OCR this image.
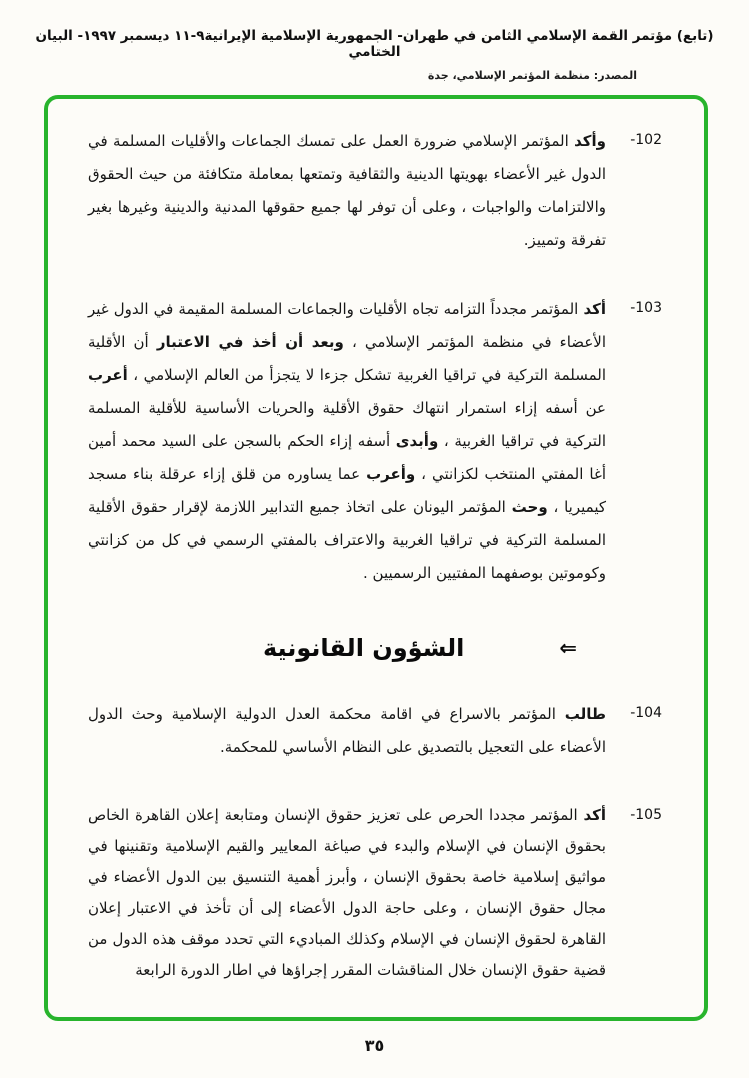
(تابع) مؤتمر القمة الإسلامي الثامن في طهران- الجمهورية الإسلامية الإيرانية٩-١١ ديسمبر ١٩٩٧- البيان الختامي
المصدر: منظمة المؤتمر الإسلامي، جدة
-102
وأكد المؤتمر الإسلامي ضرورة العمل على تمسك الجماعات والأقليات المسلمة في الدول غير الأعضاء بهويتها الدينية والثقافية وتمتعها بمعاملة متكافئة من حيث الحقوق والالتزامات والواجبات ، وعلى أن توفر لها جميع حقوقها المدنية والدينية وغيرها بغير تفرقة وتمييز.
-103
أكد المؤتمر مجدداً التزامه تجاه الأقليات والجماعات المسلمة المقيمة في الدول غير الأعضاء في منظمة المؤتمر الإسلامي ، وبعد أن أخذ في الاعتبار أن الأقلية المسلمة التركية في تراقيا الغربية تشكل جزءا لا يتجزأ من العالم الإسلامي ، أعرب عن أسفه إزاء استمرار انتهاك حقوق الأقلية والحريات الأساسية للأقلية المسلمة التركية في تراقيا الغربية ، وأبدى أسفه إزاء الحكم بالسجن على السيد محمد أمين أغا المفتي المنتخب لكزانتي ، وأعرب عما يساوره من قلق إزاء عرقلة بناء مسجد كيميريا ، وحث المؤتمر اليونان على اتخاذ جميع التدابير اللازمة لإقرار حقوق الأقلية المسلمة التركية في تراقيا الغربية والاعتراف بالمفتي الرسمي في كل من كزانتي وكوموتين بوصفهما المفتيين الرسميين .
⇐
الشؤون القانونية
-104
طالب المؤتمر بالاسراع في اقامة محكمة العدل الدولية الإسلامية وحث الدول الأعضاء على التعجيل بالتصديق على النظام الأساسي للمحكمة.
-105
أكد المؤتمر مجددا الحرص على تعزيز حقوق الإنسان ومتابعة إعلان القاهرة الخاص بحقوق الإنسان في الإسلام والبدء في صياغة المعايير والقيم الإسلامية وتقنينها في مواثيق إسلامية خاصة بحقوق الإنسان ، وأبرز أهمية التنسيق بين الدول الأعضاء في مجال حقوق الإنسان ، وعلى حاجة الدول الأعضاء إلى أن تأخذ في الاعتبار إعلان القاهرة لحقوق الإنسان في الإسلام وكذلك المباديء التي تحدد موقف هذه الدول من قضية حقوق الإنسان خلال المناقشات المقرر إجراؤها في اطار الدورة الرابعة
٣٥
